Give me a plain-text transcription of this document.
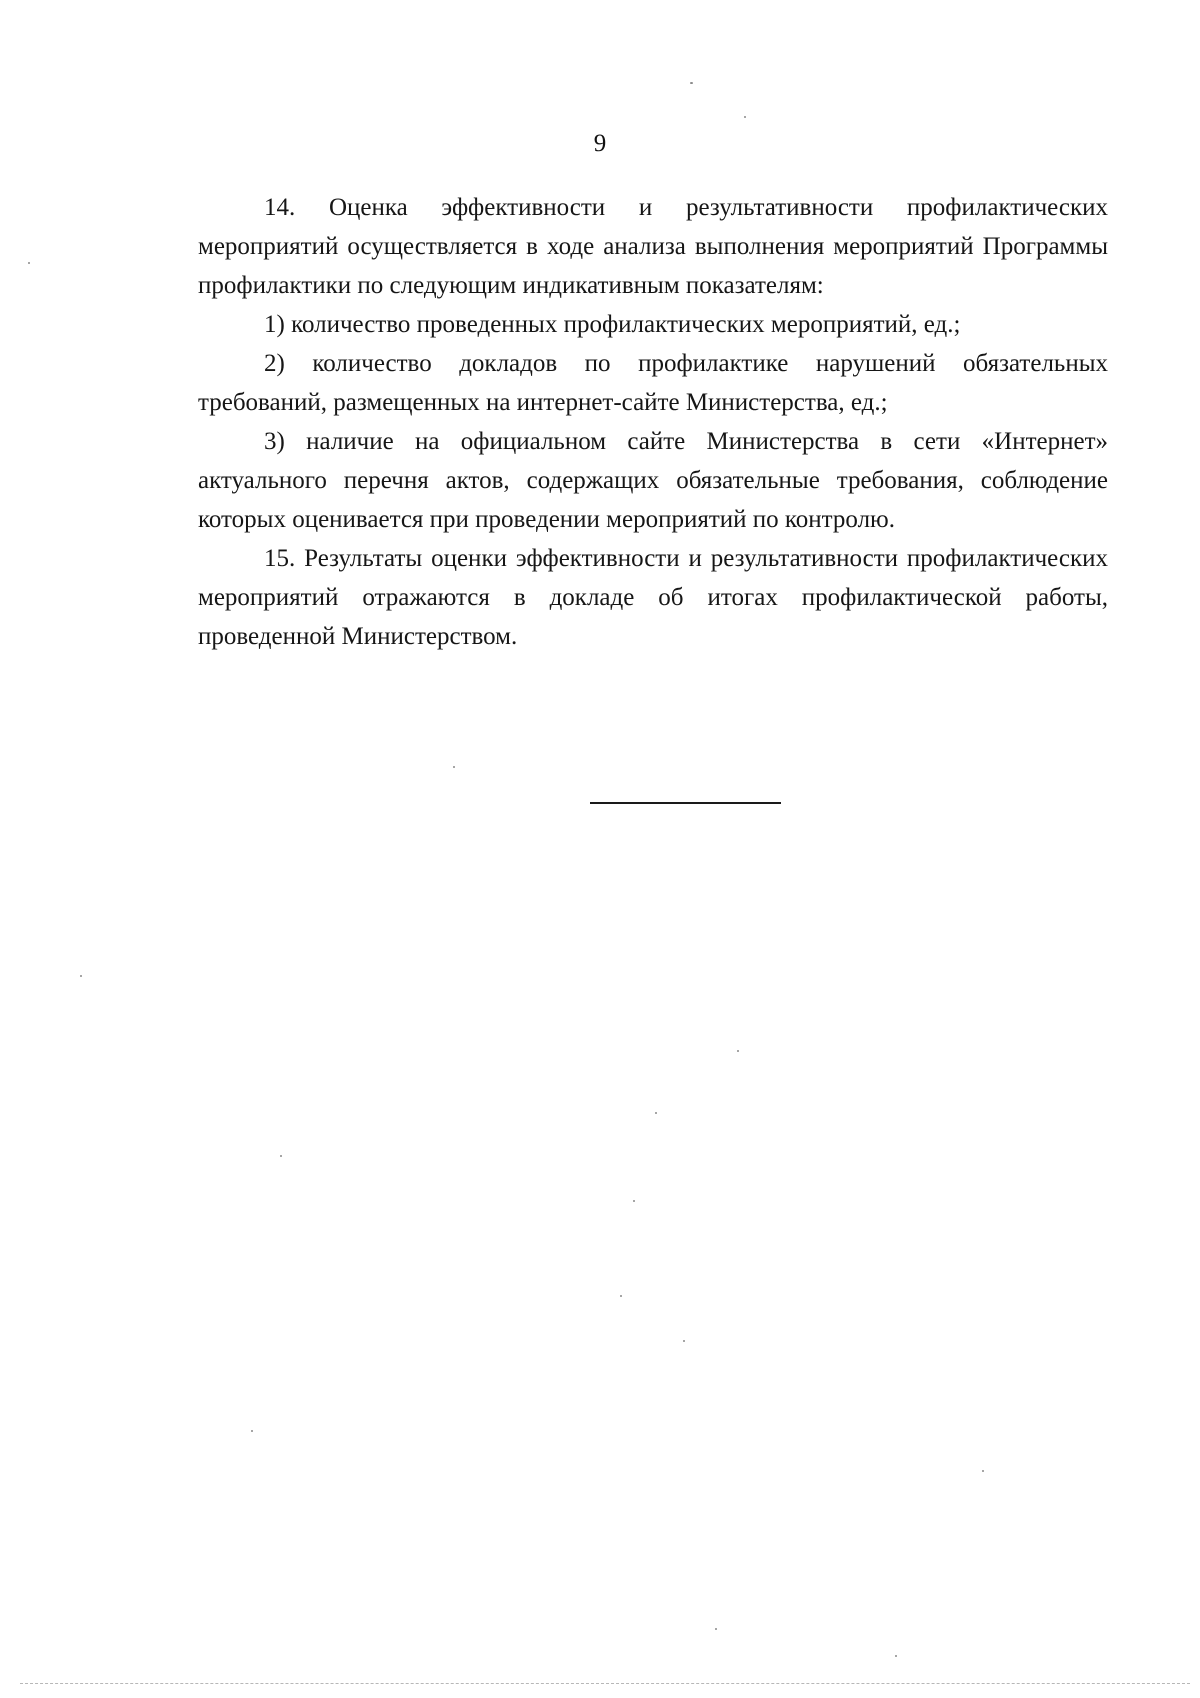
9

14. Оценка эффективности и результативности профилактических мероприятий осуществляется в ходе анализа выполнения мероприятий Программы профилактики по следующим индикативным показателям:

1) количество проведенных профилактических мероприятий, ед.;

2) количество докладов по профилактике нарушений обязательных требований, размещенных на интернет-сайте Министерства, ед.;

3) наличие на официальном сайте Министерства в сети «Интернет» актуального перечня актов, содержащих обязательные требования, соблюдение которых оценивается при проведении мероприятий по контролю.

15. Результаты оценки эффективности и результативности профилактических мероприятий отражаются в докладе об итогах профилактической работы, проведенной Министерством.
